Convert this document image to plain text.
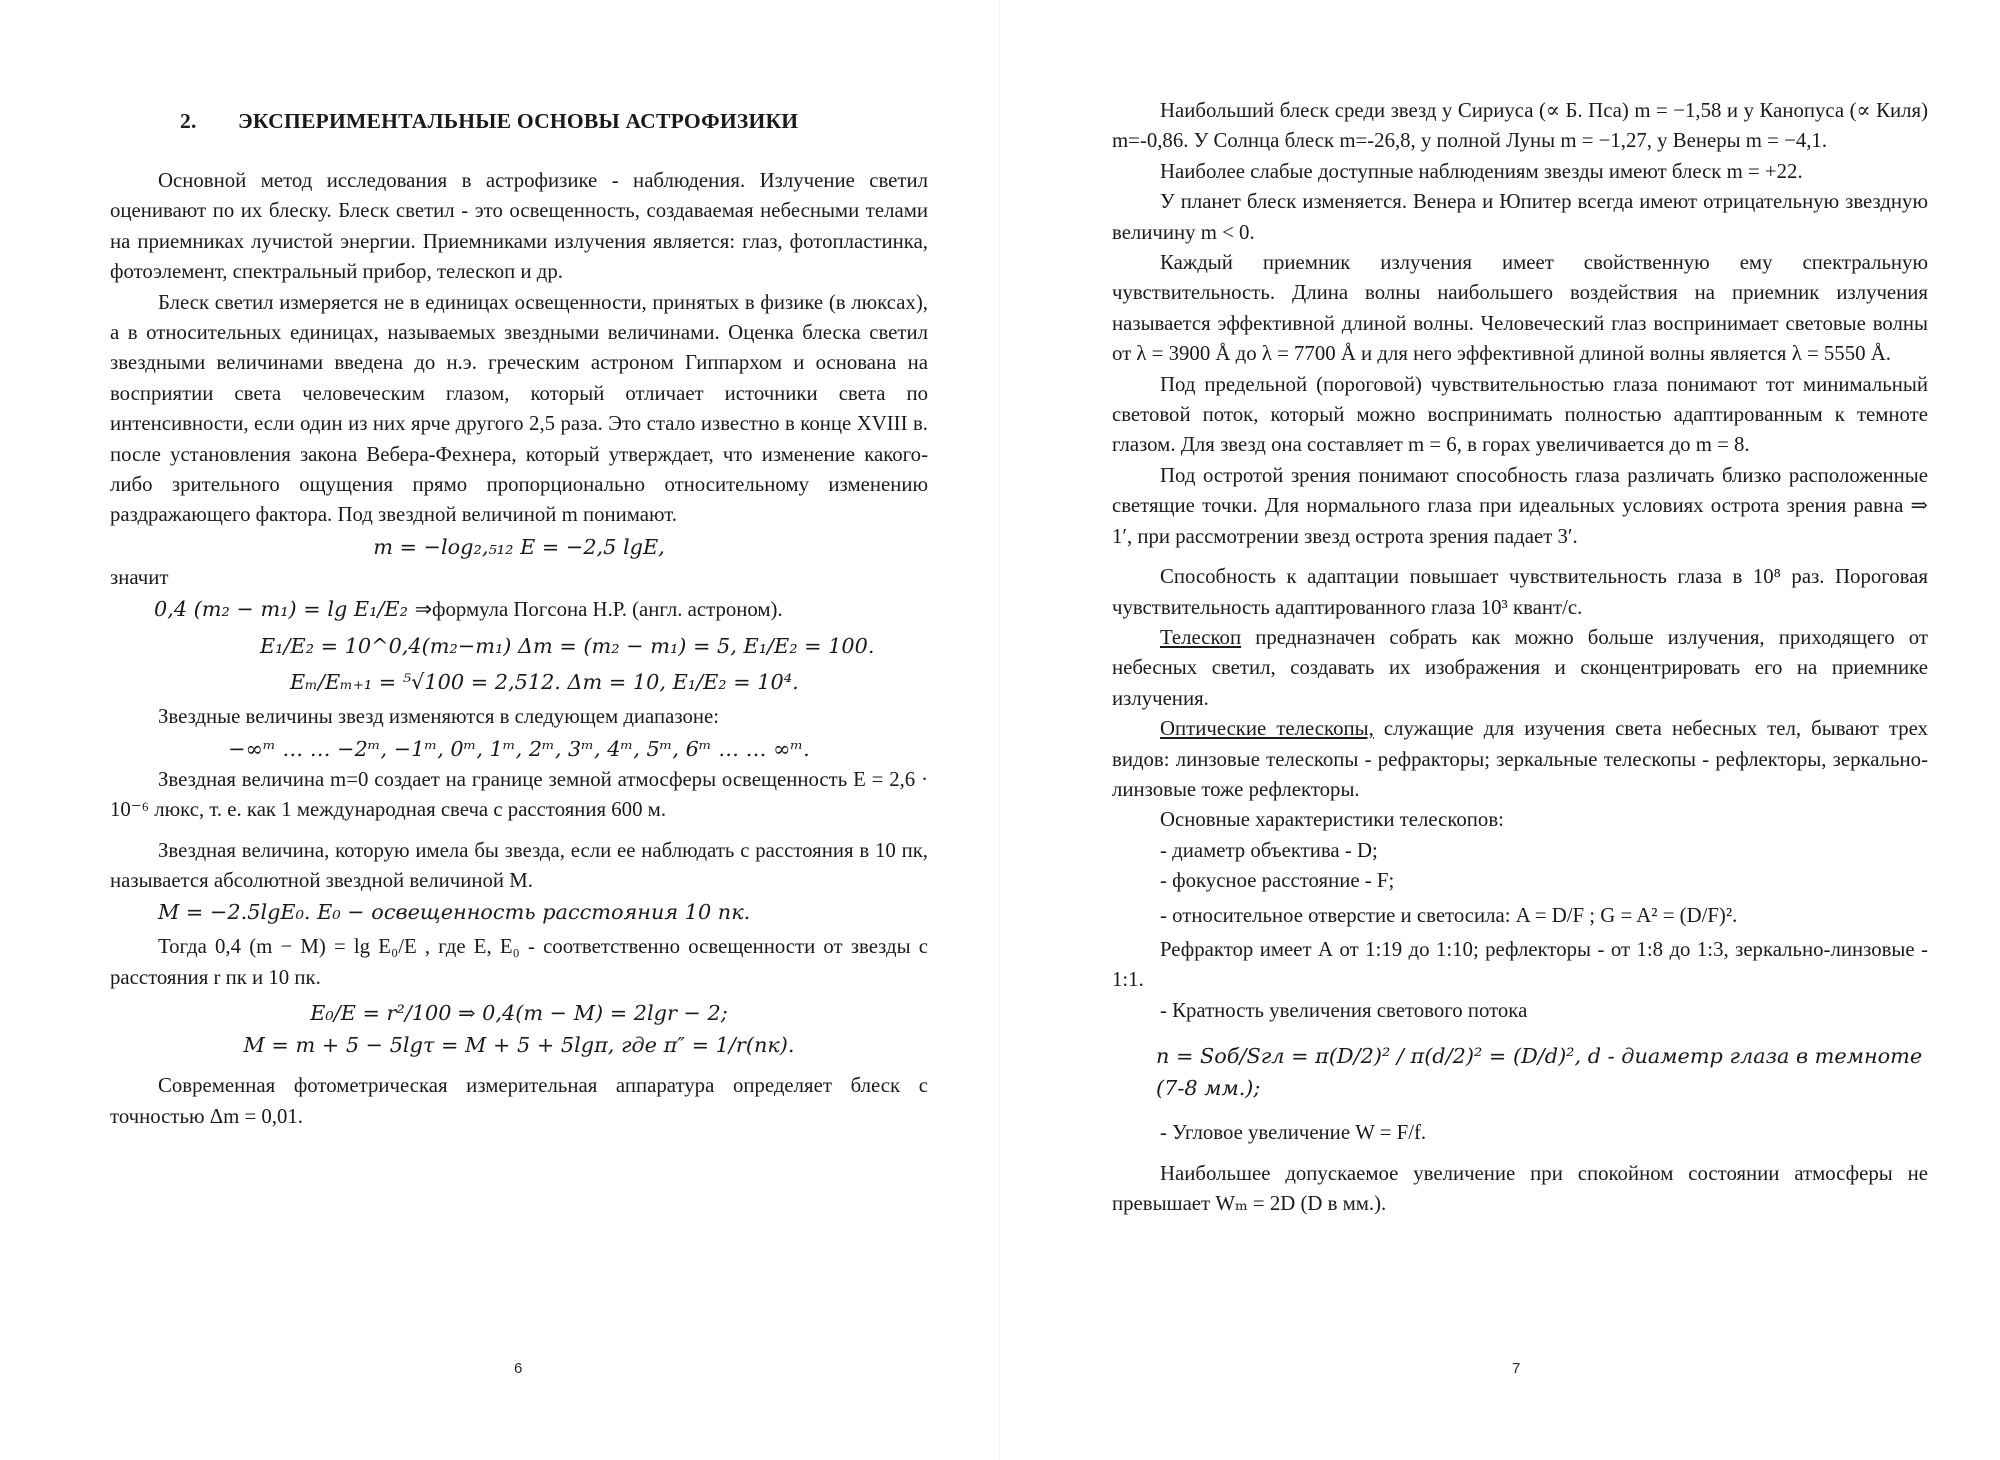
2. ЭКСПЕРИМЕНТАЛЬНЫЕ ОСНОВЫ АСТРОФИЗИКИ

Основной метод исследования в астрофизике - наблюдения. Излучение светил оценивают по их блеску. Блеск светил - это освещенность, создаваемая небесными телами на приемниках лучистой энергии. Приемниками излучения является: глаз, фотопластинка, фотоэлемент, спектральный прибор, телескоп и др.

Блеск светил измеряется не в единицах освещенности, принятых в физике (в люксах), а в относительных единицах, называемых звездными величинами. Оценка блеска светил звездными величинами введена до н.э. греческим астроном Гиппархом и основана на восприятии света человеческим глазом, который отличает источники света по интенсивности, если один из них ярче другого 2,5 раза. Это стало известно в конце XVIII в. после установления закона Вебера-Фехнера, который утверждает, что изменение какого-либо зрительного ощущения прямо пропорционально относительному изменению раздражающего фактора. Под звездной величиной m понимают.

m = −log₂,₅₁₂ E = −2,5 lgE,

значит

0,4 (m₂ − m₁) = lg E₁/E₂ ⇒формула Погсона Н.Р. (англ. астроном).

E₁/E₂ = 10^0,4(m₂−m₁) Δm = (m₂ − m₁) = 5, E₁/E₂ = 100.

Eₘ/Eₘ₊₁ = ⁵√100 = 2,512. Δm = 10, E₁/E₂ = 10⁴.

Звездные величины звезд изменяются в следующем диапазоне:

−∞ᵐ … … −2ᵐ, −1ᵐ, 0ᵐ, 1ᵐ, 2ᵐ, 3ᵐ, 4ᵐ, 5ᵐ, 6ᵐ … … ∞ᵐ.

Звездная величина m=0 создает на границе земной атмосферы освещенность E = 2,6 · 10⁻⁶ люкс, т. е. как 1 международная свеча с расстояния 600 м.

Звездная величина, которую имела бы звезда, если ее наблюдать с расстояния в 10 пк, называется абсолютной звездной величиной M.

M = −2.5lgE₀. E₀ − освещенность расстояния 10 пк.

Тогда 0,4 (m − M) = lg E₀/E , где E, E₀ - соответственно освещенности от звезды с расстояния r пк и 10 пк.

E₀/E = r²/100 ⇒ 0,4(m − M) = 2lgr − 2;

M = m + 5 − 5lgτ = M + 5 + 5lgπ, где π″ = 1/r(пк).

Современная фотометрическая измерительная аппаратура определяет блеск с точностью Δm = 0,01.

6

Наибольший блеск среди звезд у Сириуса (∝ Б. Пса) m = −1,58 и у Канопуса (∝ Киля) m=-0,86. У Солнца блеск m=-26,8, у полной Луны m = −1,27, у Венеры m = −4,1.

Наиболее слабые доступные наблюдениям звезды имеют блеск m = +22.

У планет блеск изменяется. Венера и Юпитер всегда имеют отрицательную звездную величину m < 0.

Каждый приемник излучения имеет свойственную ему спектральную чувствительность. Длина волны наибольшего воздействия на приемник излучения называется эффективной длиной волны. Человеческий глаз воспринимает световые волны от λ = 3900 Å до λ = 7700 Å и для него эффективной длиной волны является λ = 5550 Å.

Под предельной (пороговой) чувствительностью глаза понимают тот минимальный световой поток, который можно воспринимать полностью адаптированным к темноте глазом. Для звезд она составляет m = 6, в горах увеличивается до m = 8.

Под остротой зрения понимают способность глаза различать близко расположенные светящие точки. Для нормального глаза при идеальных условиях острота зрения равна ⇒ 1′, при рассмотрении звезд острота зрения падает 3′.

Способность к адаптации повышает чувствительность глаза в 10⁸ раз. Пороговая чувствительность адаптированного глаза 10³ квант/с.

Телескоп предназначен собрать как можно больше излучения, приходящего от небесных светил, создавать их изображения и сконцентрировать его на приемнике излучения.

Оптические телескопы, служащие для изучения света небесных тел, бывают трех видов: линзовые телескопы - рефракторы; зеркальные телескопы - рефлекторы, зеркально-линзовые тоже рефлекторы.

Основные характеристики телескопов:

- диаметр объектива - D;
- фокусное расстояние - F;
- относительное отверстие и светосила: A = D/F ; G = A² = (D/F)².

Рефрактор имеет А от 1:19 до 1:10; рефлекторы - от 1:8 до 1:3, зеркально-линзовые - 1:1.

- Кратность увеличения светового потока

n = Sоб/Sгл = π(D/2)² / π(d/2)² = (D/d)², d - диаметр глаза в темноте (7-8 мм.);

- Угловое увеличение W = F/f.

Наибольшее допускаемое увеличение при спокойном состоянии атмосферы не превышает Wₘ = 2D (D в мм.).

7
